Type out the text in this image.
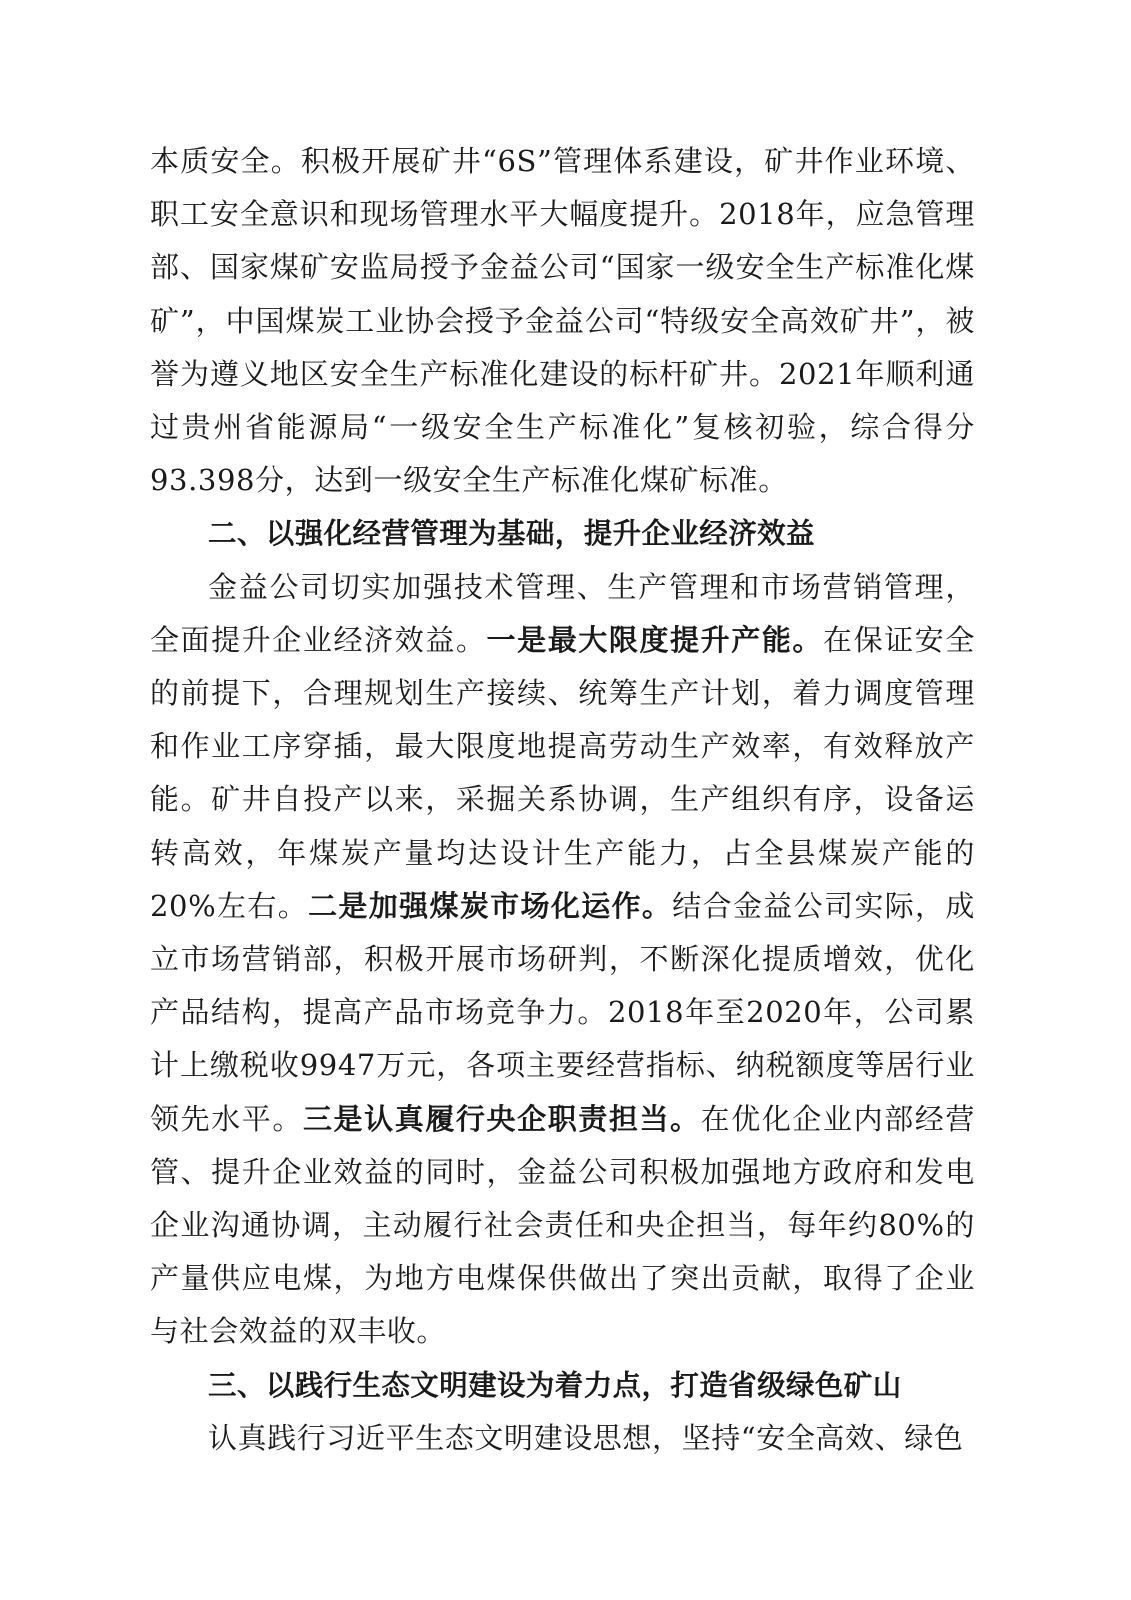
本质安全。积极开展矿井“6S”管理体系建设，矿井作业环境、职工安全意识和现场管理水平大幅度提升。2018年，应急管理部、国家煤矿安监局授予金益公司“国家一级安全生产标准化煤矿”，中国煤炭工业协会授予金益公司“特级安全高效矿井”，被誉为遵义地区安全生产标准化建设的标杆矿井。2021年顺利通过贵州省能源局“一级安全生产标准化”复核初验，综合得分93.398分，达到一级安全生产标准化煤矿标准。

二、以强化经营管理为基础，提升企业经济效益

金益公司切实加强技术管理、生产管理和市场营销管理，全面提升企业经济效益。一是最大限度提升产能。在保证安全的前提下，合理规划生产接续、统筹生产计划，着力调度管理和作业工序穿插，最大限度地提高劳动生产效率，有效释放产能。矿井自投产以来，采掘关系协调，生产组织有序，设备运转高效，年煤炭产量均达设计生产能力，占全县煤炭产能的20%左右。二是加强煤炭市场化运作。结合金益公司实际，成立市场营销部，积极开展市场研判，不断深化提质增效，优化产品结构，提高产品市场竞争力。2018年至2020年，公司累计上缴税收9947万元，各项主要经营指标、纳税额度等居行业领先水平。三是认真履行央企职责担当。在优化企业内部经营管、提升企业效益的同时，金益公司积极加强地方政府和发电企业沟通协调，主动履行社会责任和央企担当，每年约80%的产量供应电煤，为地方电煤保供做出了突出贡献，取得了企业与社会效益的双丰收。

三、以践行生态文明建设为着力点，打造省级绿色矿山

认真践行习近平生态文明建设思想，坚持“安全高效、绿色
